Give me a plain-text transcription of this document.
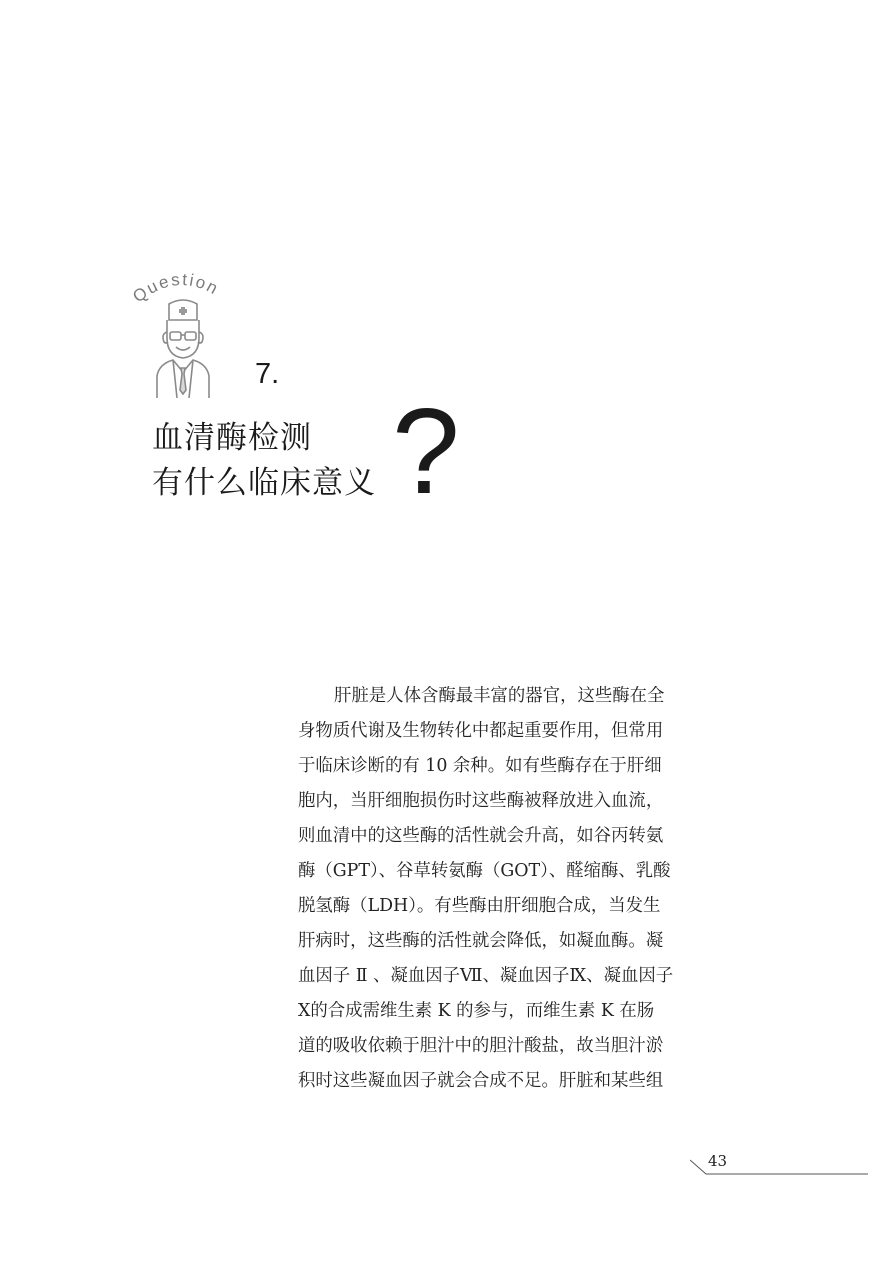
Question
7.
血清酶检测
有什么临床意义 ?
肝脏是人体含酶最丰富的器官，这些酶在全
身物质代谢及生物转化中都起重要作用，但常用
于临床诊断的有 10 余种。如有些酶存在于肝细
胞内，当肝细胞损伤时这些酶被释放进入血流，
则血清中的这些酶的活性就会升高，如谷丙转氨
酶（GPT）、谷草转氨酶（GOT）、醛缩酶、乳酸
脱氢酶（LDH）。有些酶由肝细胞合成，当发生
肝病时，这些酶的活性就会降低，如凝血酶。凝
血因子 Ⅱ 、凝血因子Ⅶ、凝血因子Ⅸ、凝血因子
Ⅹ的合成需维生素 K 的参与，而维生素 K 在肠
道的吸收依赖于胆汁中的胆汁酸盐，故当胆汁淤
积时这些凝血因子就会合成不足。肝脏和某些组
43
